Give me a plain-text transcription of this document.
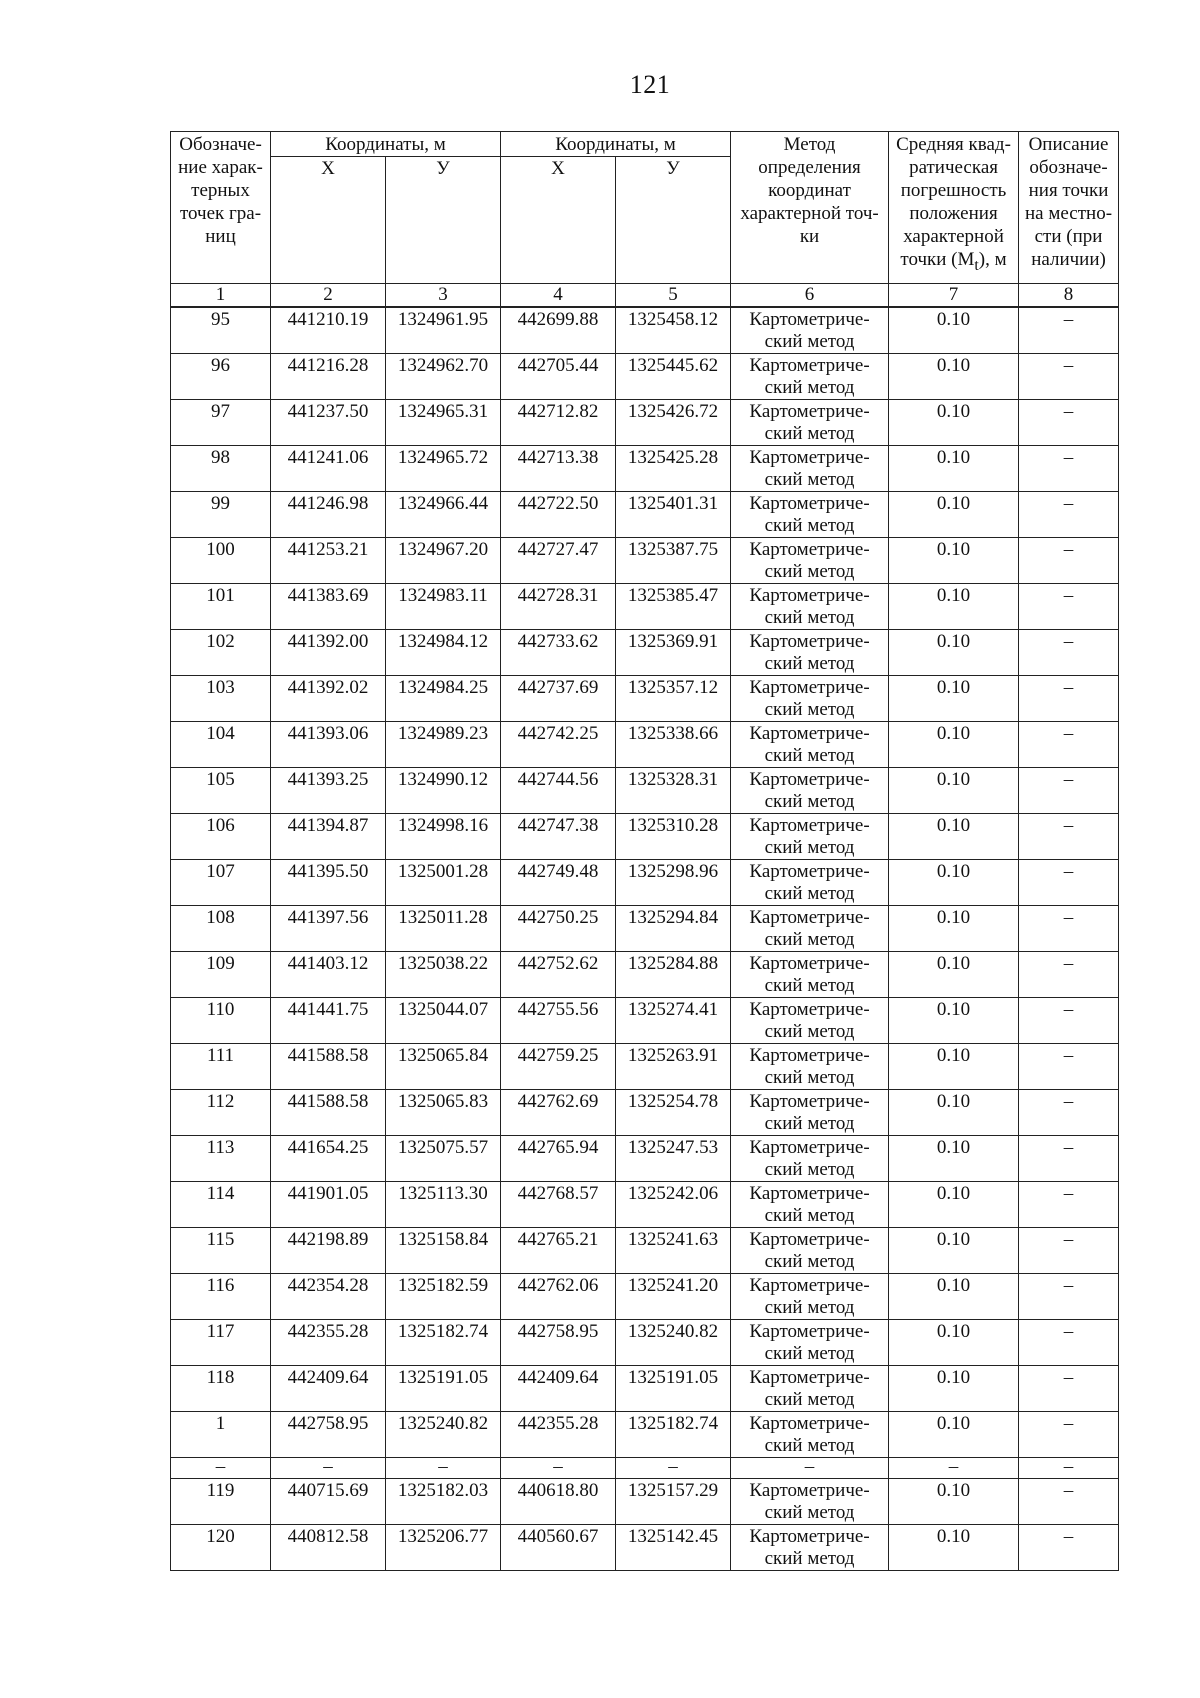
121
Обозначе-ние харак-терных точек гра-ниц	Координаты, м		Координаты, м		Метод определения координат характерной точ-ки	Средняя квад-ратическая погрешность положения характерной точки $(M_t)$, м	Описание обозначе-ния точки на местно-сти (при наличии)
	Х	У	Х	У			
1	2	3	4	5	6	7	8
95	441210.19	1324961.95	442699.88	1325458.12	Картометриче-ский метод	0.10	–
96	441216.28	1324962.70	442705.44	1325445.62	Картометриче-ский метод	0.10	–
97	441237.50	1324965.31	442712.82	1325426.72	Картометриче-ский метод	0.10	–
98	441241.06	1324965.72	442713.38	1325425.28	Картометриче-ский метод	0.10	–
99	441246.98	1324966.44	442722.50	1325401.31	Картометриче-ский метод	0.10	–
100	441253.21	1324967.20	442727.47	1325387.75	Картометриче-ский метод	0.10	–
101	441383.69	1324983.11	442728.31	1325385.47	Картометриче-ский метод	0.10	–
102	441392.00	1324984.12	442733.62	1325369.91	Картометриче-ский метод	0.10	–
103	441392.02	1324984.25	442737.69	1325357.12	Картометриче-ский метод	0.10	–
104	441393.06	1324989.23	442742.25	1325338.66	Картометриче-ский метод	0.10	–
105	441393.25	1324990.12	442744.56	1325328.31	Картометриче-ский метод	0.10	–
106	441394.87	1324998.16	442747.38	1325310.28	Картометриче-ский метод	0.10	–
107	441395.50	1325001.28	442749.48	1325298.96	Картометриче-ский метод	0.10	–
108	441397.56	1325011.28	442750.25	1325294.84	Картометриче-ский метод	0.10	–
109	441403.12	1325038.22	442752.62	1325284.88	Картометриче-ский метод	0.10	–
110	441441.75	1325044.07	442755.56	1325274.41	Картометриче-ский метод	0.10	–
111	441588.58	1325065.84	442759.25	1325263.91	Картометриче-ский метод	0.10	–
112	441588.58	1325065.83	442762.69	1325254.78	Картометриче-ский метод	0.10	–
113	441654.25	1325075.57	442765.94	1325247.53	Картометриче-ский метод	0.10	–
114	441901.05	1325113.30	442768.57	1325242.06	Картометриче-ский метод	0.10	–
115	442198.89	1325158.84	442765.21	1325241.63	Картометриче-ский метод	0.10	–
116	442354.28	1325182.59	442762.06	1325241.20	Картометриче-ский метод	0.10	–
117	442355.28	1325182.74	442758.95	1325240.82	Картометриче-ский метод	0.10	–
118	442409.64	1325191.05	442409.64	1325191.05	Картометриче-ский метод	0.10	–
1	442758.95	1325240.82	442355.28	1325182.74	Картометриче-ский метод	0.10	–
–	–	–	–	–	–	–	–
119	440715.69	1325182.03	440618.80	1325157.29	Картометриче-ский метод	0.10	–
120	440812.58	1325206.77	440560.67	1325142.45	Картометриче-ский метод	0.10	–
